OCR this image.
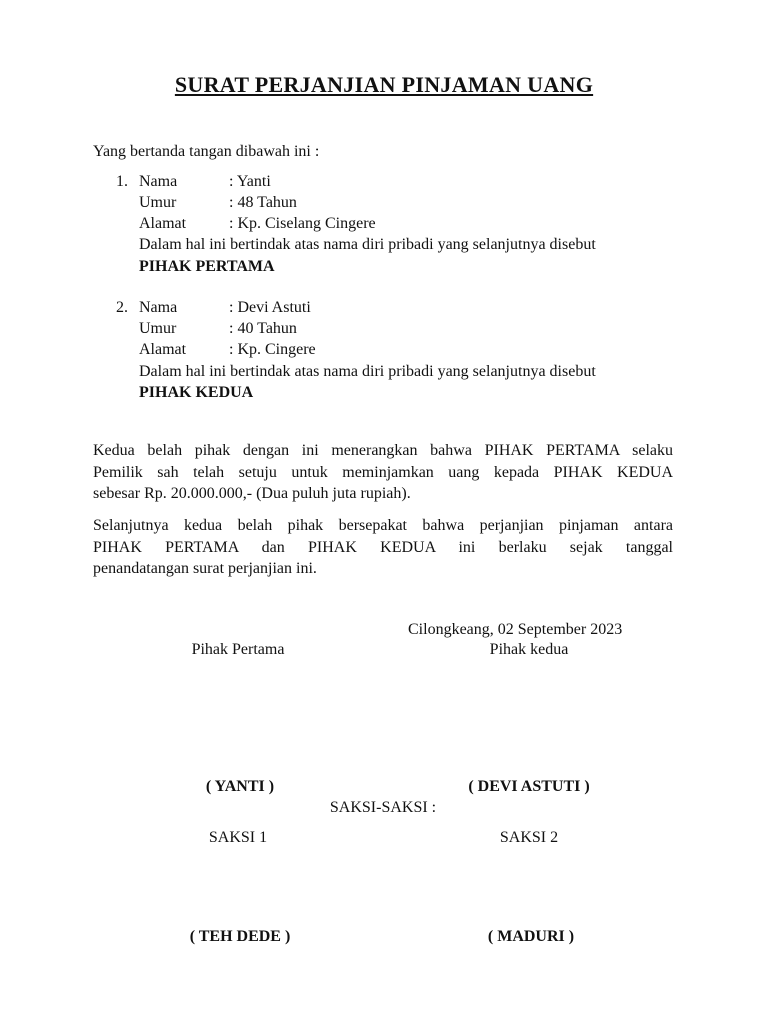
SURAT PERJANJIAN PINJAMAN UANG
Yang bertanda tangan dibawah ini :
1. Nama	: Yanti
Umur	: 48 Tahun
Alamat	: Kp. Ciselang Cingere
Dalam hal ini bertindak atas nama diri pribadi yang selanjutnya disebut
PIHAK PERTAMA
2. Nama	: Devi Astuti
Umur	: 40 Tahun
Alamat	: Kp. Cingere
Dalam hal ini bertindak atas nama diri pribadi yang selanjutnya disebut
PIHAK KEDUA
Kedua belah pihak dengan ini menerangkan bahwa PIHAK PERTAMA selaku
Pemilik sah telah setuju untuk meminjamkan uang kepada PIHAK KEDUA
sebesar Rp. 20.000.000,- (Dua puluh juta rupiah).
Selanjutnya kedua belah pihak bersepakat bahwa perjanjian pinjaman antara
PIHAK PERTAMA dan PIHAK KEDUA ini berlaku sejak tanggal
penandatangan surat perjanjian ini.
Cilongkeang, 02 September 2023
Pihak Pertama	Pihak kedua
( YANTI )	( DEVI ASTUTI )
SAKSI-SAKSI :
SAKSI 1	SAKSI 2
( TEH DEDE )	( MADURI )
